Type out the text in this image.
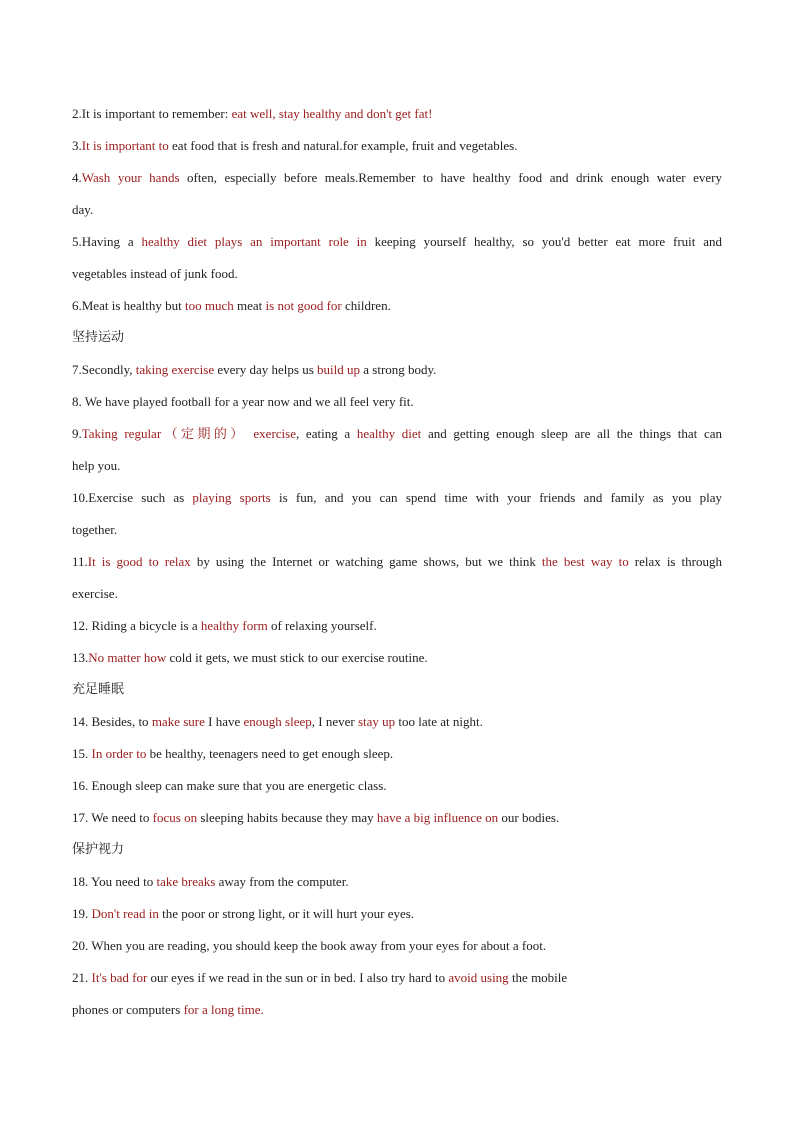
2.It is important to remember: eat well, stay healthy and don't get fat!
3.It is important to eat food that is fresh and natural.for example, fruit and vegetables.
4.Wash your hands often, especially before meals.Remember to have healthy food and drink enough water every
day.
5.Having a healthy diet plays an important role in keeping yourself healthy, so you'd better eat more fruit and
vegetables instead of junk food.
6.Meat is healthy but too much meat is not good for children.
坚持运动
7.Secondly, taking exercise every day helps us build up a strong body.
8. We have played football for a year now and we all feel very fit.
9.Taking regular（定期的） exercise, eating a healthy diet and getting enough sleep are all the things that can
help you.
10.Exercise such as playing sports is fun, and you can spend time with your friends and family as you play
together.
11.It is good to relax by using the Internet or watching game shows, but we think the best way to relax is through
exercise.
12. Riding a bicycle is a healthy form of relaxing yourself.
13.No matter how cold it gets, we must stick to our exercise routine.
充足睡眠
14. Besides, to make sure I have enough sleep, I never stay up too late at night.
15. In order to be healthy, teenagers need to get enough sleep.
16. Enough sleep can make sure that you are energetic class.
17. We need to focus on sleeping habits because they may have a big influence on our bodies.
保护视力
18. You need to take breaks away from the computer.
19. Don't read in the poor or strong light, or it will hurt your eyes.
20. When you are reading, you should keep the book away from your eyes for about a foot.
21. It's bad for our eyes if we read in the sun or in bed. I also try hard to avoid using the mobile
phones or computers for a long time.
